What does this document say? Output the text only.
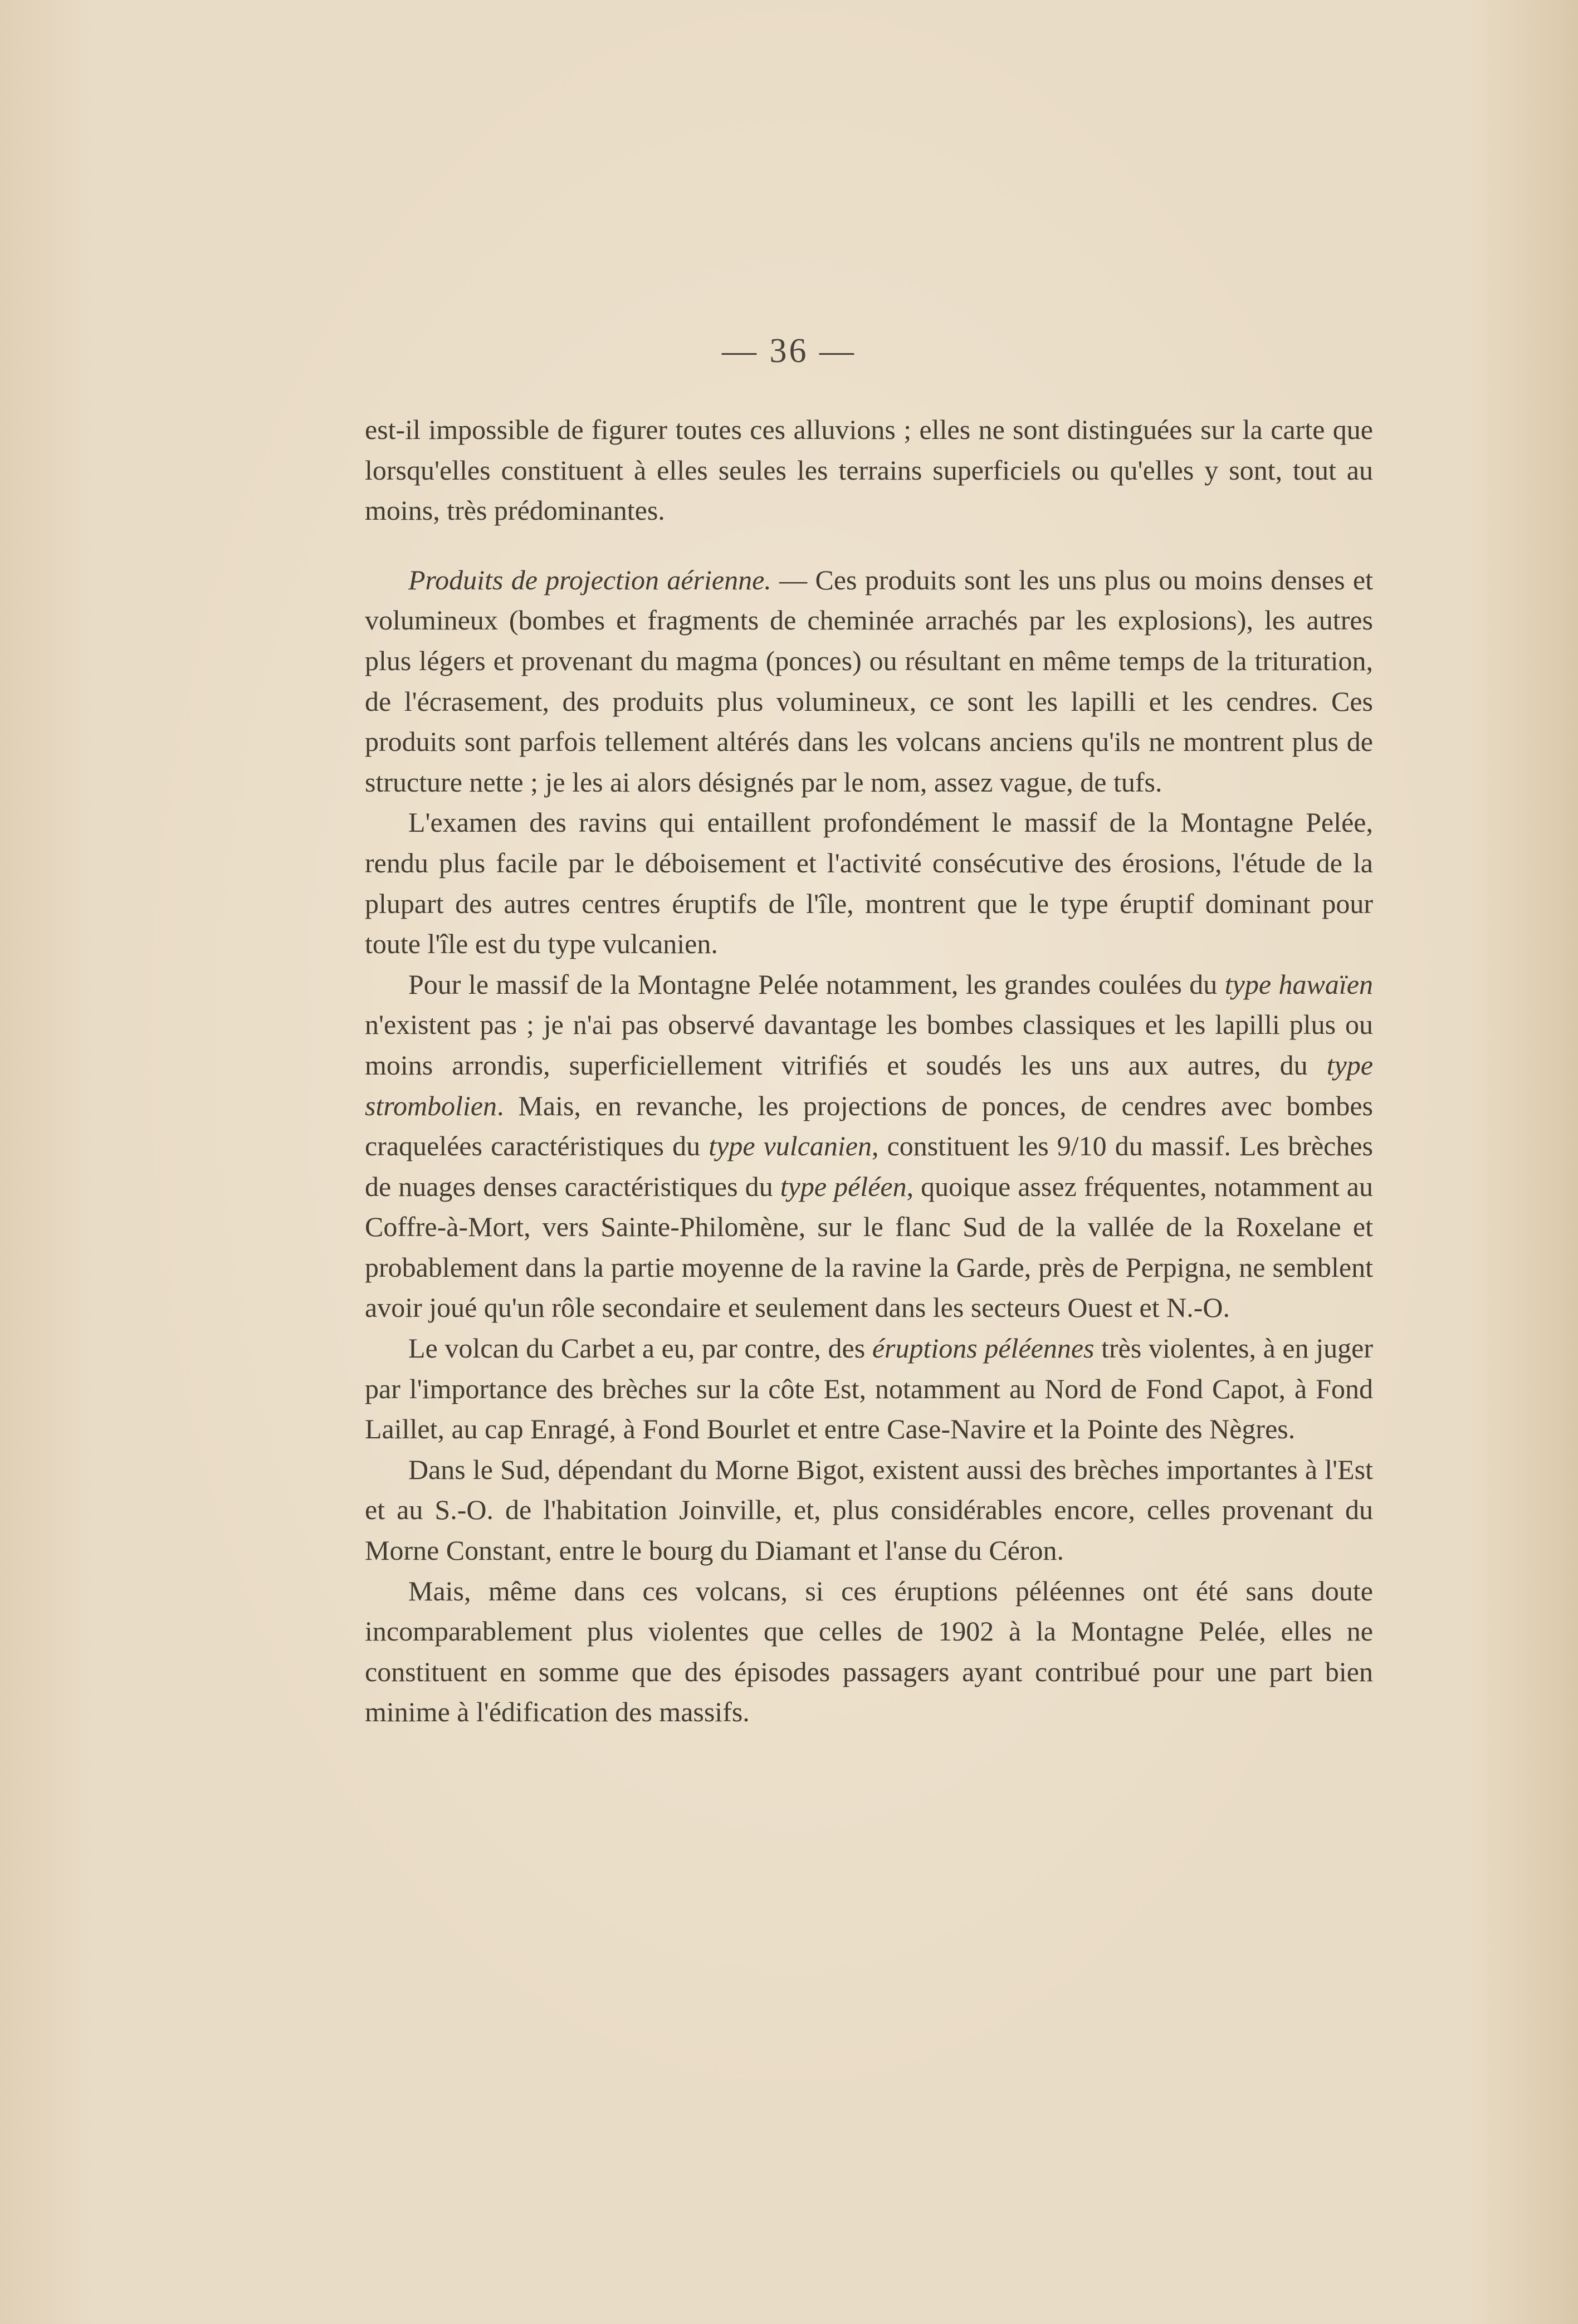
— 36 —

est-il impossible de figurer toutes ces alluvions ; elles ne sont distinguées sur la carte que lorsqu'elles constituent à elles seules les terrains superficiels ou qu'elles y sont, tout au moins, très prédominantes.

Produits de projection aérienne. — Ces produits sont les uns plus ou moins denses et volumineux (bombes et fragments de cheminée arrachés par les explosions), les autres plus légers et provenant du magma (ponces) ou résultant en même temps de la trituration, de l'écrasement, des produits plus volumineux, ce sont les lapilli et les cendres. Ces produits sont parfois tellement altérés dans les volcans anciens qu'ils ne montrent plus de structure nette ; je les ai alors désignés par le nom, assez vague, de tufs.

L'examen des ravins qui entaillent profondément le massif de la Montagne Pelée, rendu plus facile par le déboisement et l'activité consécutive des érosions, l'étude de la plupart des autres centres éruptifs de l'île, montrent que le type éruptif dominant pour toute l'île est du type vulcanien.

Pour le massif de la Montagne Pelée notamment, les grandes coulées du type hawaïen n'existent pas ; je n'ai pas observé davantage les bombes classiques et les lapilli plus ou moins arrondis, superficiellement vitrifiés et soudés les uns aux autres, du type strombolien. Mais, en revanche, les projections de ponces, de cendres avec bombes craquelées caractéristiques du type vulcanien, constituent les 9/10 du massif. Les brèches de nuages denses caractéristiques du type péléen, quoique assez fréquentes, notamment au Coffre-à-Mort, vers Sainte-Philomène, sur le flanc Sud de la vallée de la Roxelane et probablement dans la partie moyenne de la ravine la Garde, près de Perpigna, ne semblent avoir joué qu'un rôle secondaire et seulement dans les secteurs Ouest et N.-O.

Le volcan du Carbet a eu, par contre, des éruptions péléennes très violentes, à en juger par l'importance des brèches sur la côte Est, notamment au Nord de Fond Capot, à Fond Laillet, au cap Enragé, à Fond Bourlet et entre Case-Navire et la Pointe des Nègres.

Dans le Sud, dépendant du Morne Bigot, existent aussi des brèches importantes à l'Est et au S.-O. de l'habitation Joinville, et, plus considérables encore, celles provenant du Morne Constant, entre le bourg du Diamant et l'anse du Céron.

Mais, même dans ces volcans, si ces éruptions péléennes ont été sans doute incomparablement plus violentes que celles de 1902 à la Montagne Pelée, elles ne constituent en somme que des épisodes passagers ayant contribué pour une part bien minime à l'édification des massifs.
